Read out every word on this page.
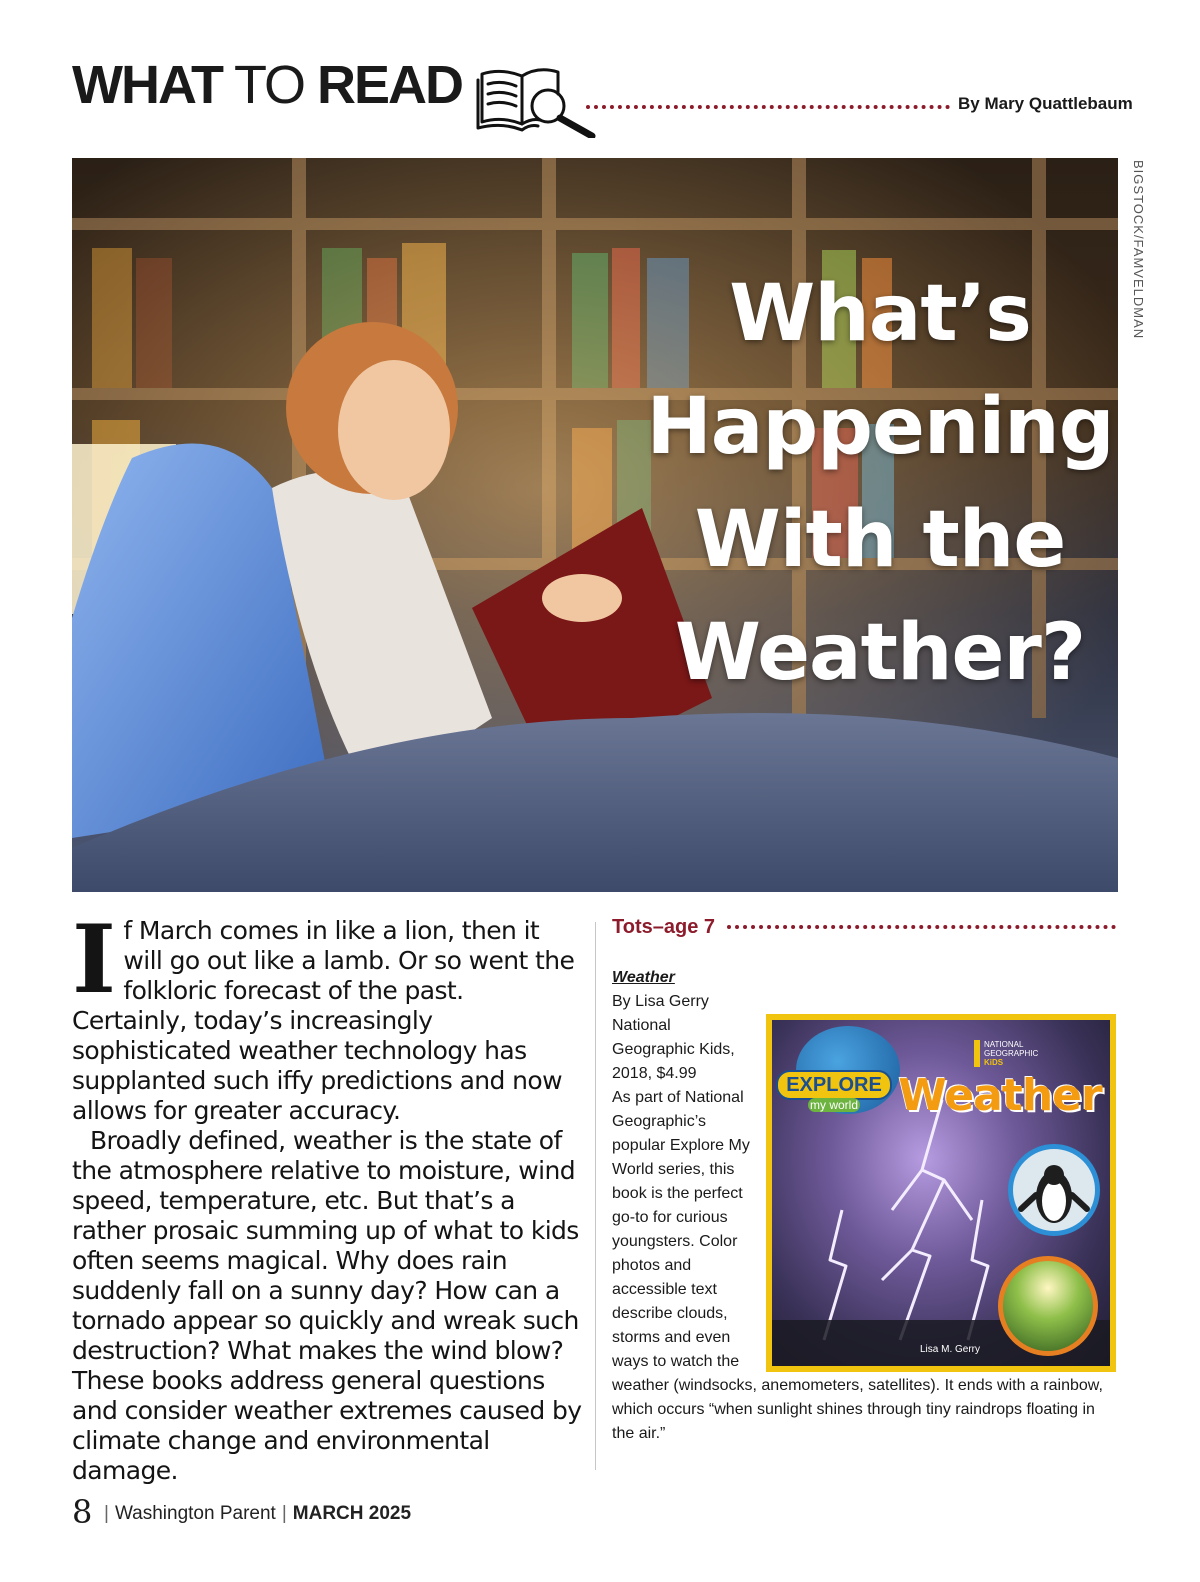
WHAT TO READ	By Mary Quattlebaum
What’s
Happening
With the
Weather?
BIGSTOCK/FAMVELDMAN
I f March comes in like a lion, then it will go out like a lamb. Or so went the folkloric forecast of the past. Certainly, today’s increasingly sophisticated weather technology has supplanted such iffy predictions and now allows for greater accuracy.

Broadly defined, weather is the state of the atmosphere relative to moisture, wind speed, temperature, etc. But that’s a rather prosaic summing up of what to kids often seems magical. Why does rain suddenly fall on a sunny day? How can a tornado appear so quickly and wreak such destruction? What makes the wind blow? These books address general questions and consider weather extremes caused by climate change and environmental damage.

Tots–age 7
EXPLORE
my world
NATIONAL
GEOGRAPHIC
KiDS
Weather
Lisa M. Gerry
Weather
By Lisa Gerry
National
Geographic Kids,
2018, $4.99

As part of National Geographic’s popular Explore My World series, this book is the perfect go-to for curious youngsters. Color photos and accessible text describe clouds, storms and even ways to watch the weather (windsocks, anemometers, satellites). It ends with a rainbow, which occurs “when sunlight shines through tiny raindrops floating in the air.”

8 | Washington Parent | MARCH 2025
